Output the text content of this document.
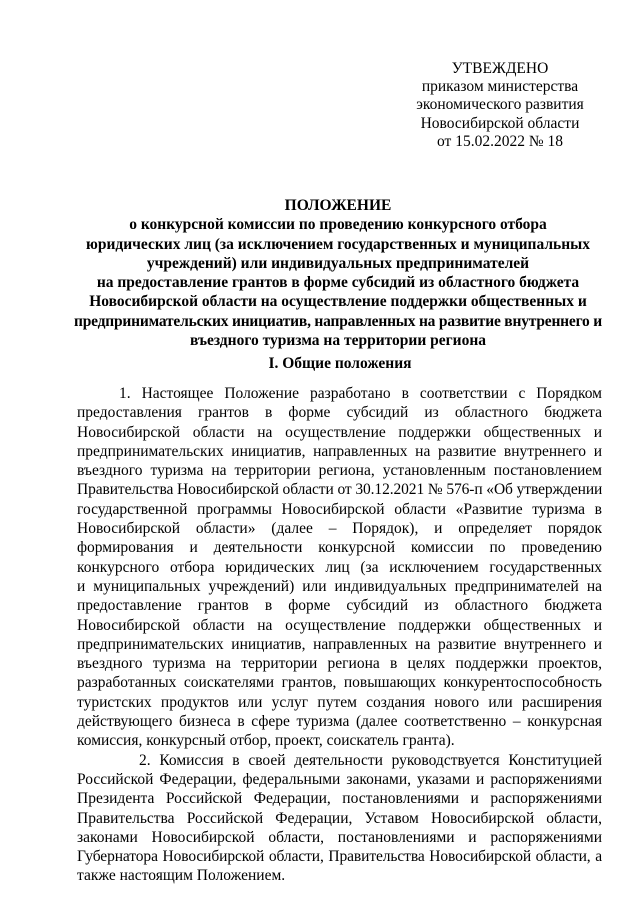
УТВЕЖДЕНО
приказом министерства
экономического развития
Новосибирской области
от 15.02.2022 № 18
ПОЛОЖЕНИЕ
о конкурсной комиссии по проведению конкурсного отбора
юридических лиц (за исключением государственных и муниципальных
учреждений) или индивидуальных предпринимателей
на предоставление грантов в форме субсидий из областного бюджета
Новосибирской области на осуществление поддержки общественных и
предпринимательских инициатив, направленных на развитие внутреннего и
въездного туризма на территории региона
I. Общие положения
1. Настоящее Положение разработано в соответствии с Порядком
предоставления грантов в форме субсидий из областного бюджета
Новосибирской области на осуществление поддержки общественных и
предпринимательских инициатив, направленных на развитие внутреннего и
въездного туризма на территории региона, установленным постановлением
Правительства Новосибирской области от 30.12.2021 № 576-п «Об утверждении
государственной программы Новосибирской области «Развитие туризма в
Новосибирской области» (далее – Порядок), и определяет порядок
формирования и деятельности конкурсной комиссии по проведению
конкурсного отбора юридических лиц (за исключением государственных
и муниципальных учреждений) или индивидуальных предпринимателей на
предоставление грантов в форме субсидий из областного бюджета
Новосибирской области на осуществление поддержки общественных и
предпринимательских инициатив, направленных на развитие внутреннего и
въездного туризма на территории региона в целях поддержки проектов,
разработанных соискателями грантов, повышающих конкурентоспособность
туристских продуктов или услуг путем создания нового или расширения
действующего бизнеса в сфере туризма (далее соответственно – конкурсная
комиссия, конкурсный отбор, проект, соискатель гранта).
2. Комиссия в своей деятельности руководствуется Конституцией
Российской Федерации, федеральными законами, указами и распоряжениями
Президента Российской Федерации, постановлениями и распоряжениями
Правительства Российской Федерации, Уставом Новосибирской области,
законами Новосибирской области, постановлениями и распоряжениями
Губернатора Новосибирской области, Правительства Новосибирской области, а
также настоящим Положением.
